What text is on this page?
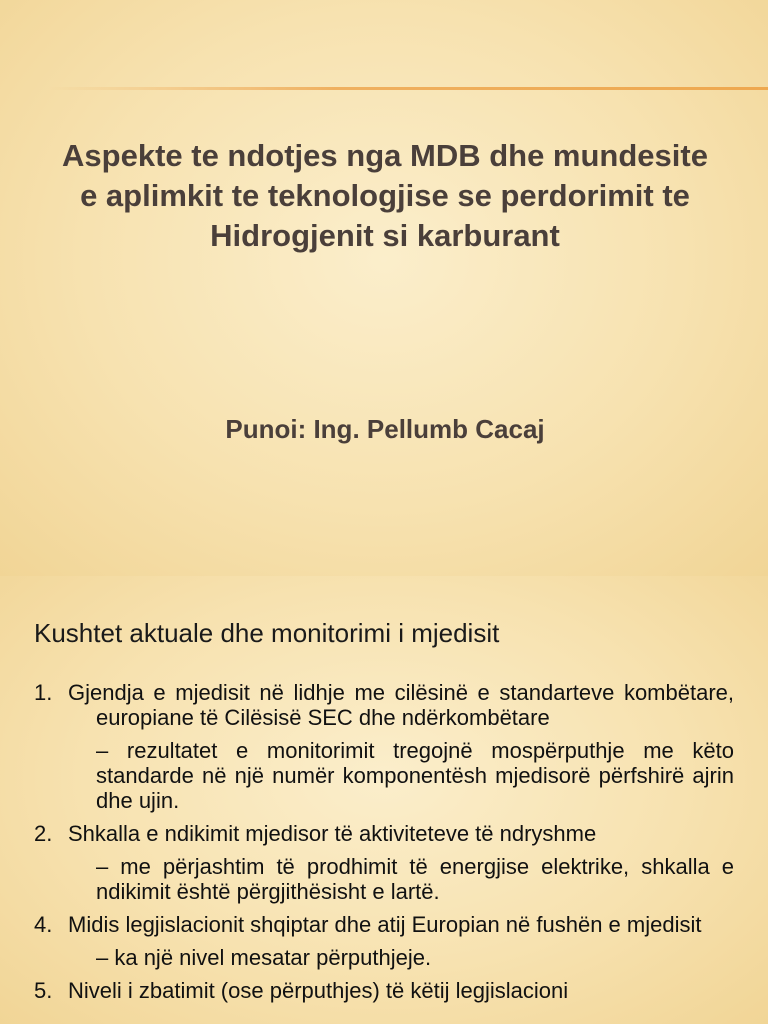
Aspekte te ndotjes nga MDB dhe mundesite e aplimkit te teknologjise se perdorimit te Hidrogjenit si karburant

Punoi: Ing. Pellumb Cacaj

Kushtet aktuale dhe monitorimi i mjedisit

1. Gjendja e mjedisit në lidhje me cilësinë e standarteve kombëtare, europiane të Cilësisë SEC dhe ndërkombëtare

– rezultatet e monitorimit tregojnë mospërputhje me këto standarde në një numër komponentësh mjedisorë përfshirë ajrin dhe ujin.

2. Shkalla e ndikimit mjedisor të aktiviteteve të ndryshme

– me përjashtim të prodhimit të energjise elektrike, shkalla e ndikimit është përgjithësisht e lartë.

4. Midis legjislacionit shqiptar dhe atij Europian në fushën e mjedisit

– ka një nivel mesatar përputhjeje.

5. Niveli i zbatimit (ose përputhjes) të këtij legjislacioni
